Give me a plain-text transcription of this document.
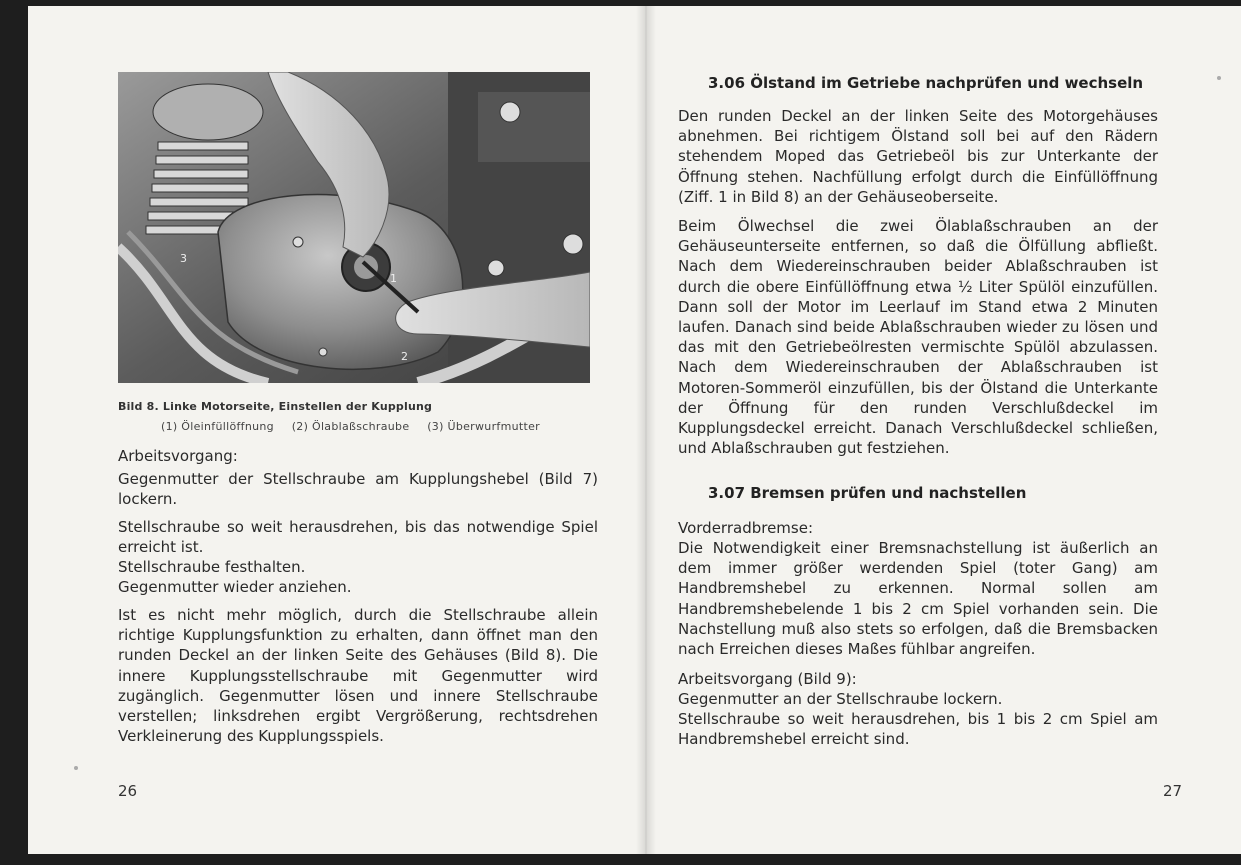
3
1
2
Bild 8. Linke Motorseite, Einstellen der Kupplung
(1) Öleinfüllöffnung (2) Ölablaßschraube (3) Überwurfmutter
Arbeitsvorgang:
Gegenmutter der Stellschraube am Kupplungshebel (Bild 7) lockern.
Stellschraube so weit herausdrehen, bis das notwendige Spiel erreicht ist.
Stellschraube festhalten.
Gegenmutter wieder anziehen.
Ist es nicht mehr möglich, durch die Stellschraube allein richtige Kupplungsfunktion zu erhalten, dann öffnet man den runden Deckel an der linken Seite des Gehäuses (Bild 8). Die innere Kupplungsstellschraube mit Gegenmutter wird zugänglich. Gegenmutter lösen und innere Stellschraube verstellen; linksdrehen ergibt Vergrößerung, rechtsdrehen Verkleinerung des Kupplungsspiels.
26
3.06 Ölstand im Getriebe nachprüfen und wechseln
Den runden Deckel an der linken Seite des Motorgehäuses abnehmen. Bei richtigem Ölstand soll bei auf den Rädern stehendem Moped das Getriebeöl bis zur Unterkante der Öffnung stehen. Nachfüllung erfolgt durch die Einfüllöffnung (Ziff. 1 in Bild 8) an der Gehäuseoberseite.
Beim Ölwechsel die zwei Ölablaßschrauben an der Gehäuseunterseite entfernen, so daß die Ölfüllung abfließt. Nach dem Wiedereinschrauben beider Ablaßschrauben ist durch die obere Einfüllöffnung etwa ½ Liter Spülöl einzufüllen. Dann soll der Motor im Leerlauf im Stand etwa 2 Minuten laufen. Danach sind beide Ablaßschrauben wieder zu lösen und das mit den Getriebeölresten vermischte Spülöl abzulassen. Nach dem Wiedereinschrauben der Ablaßschrauben ist Motoren-Sommeröl einzufüllen, bis der Ölstand die Unterkante der Öffnung für den runden Verschlußdeckel im Kupplungsdeckel erreicht. Danach Verschlußdeckel schließen, und Ablaßschrauben gut festziehen.
3.07 Bremsen prüfen und nachstellen
Vorderradbremse:
Die Notwendigkeit einer Bremsnachstellung ist äußerlich an dem immer größer werdenden Spiel (toter Gang) am Handbremshebel zu erkennen. Normal sollen am Handbremshebelende 1 bis 2 cm Spiel vorhanden sein. Die Nachstellung muß also stets so erfolgen, daß die Bremsbacken nach Erreichen dieses Maßes fühlbar angreifen.
Arbeitsvorgang (Bild 9):
Gegenmutter an der Stellschraube lockern.
Stellschraube so weit herausdrehen, bis 1 bis 2 cm Spiel am Handbremshebel erreicht sind.
27
